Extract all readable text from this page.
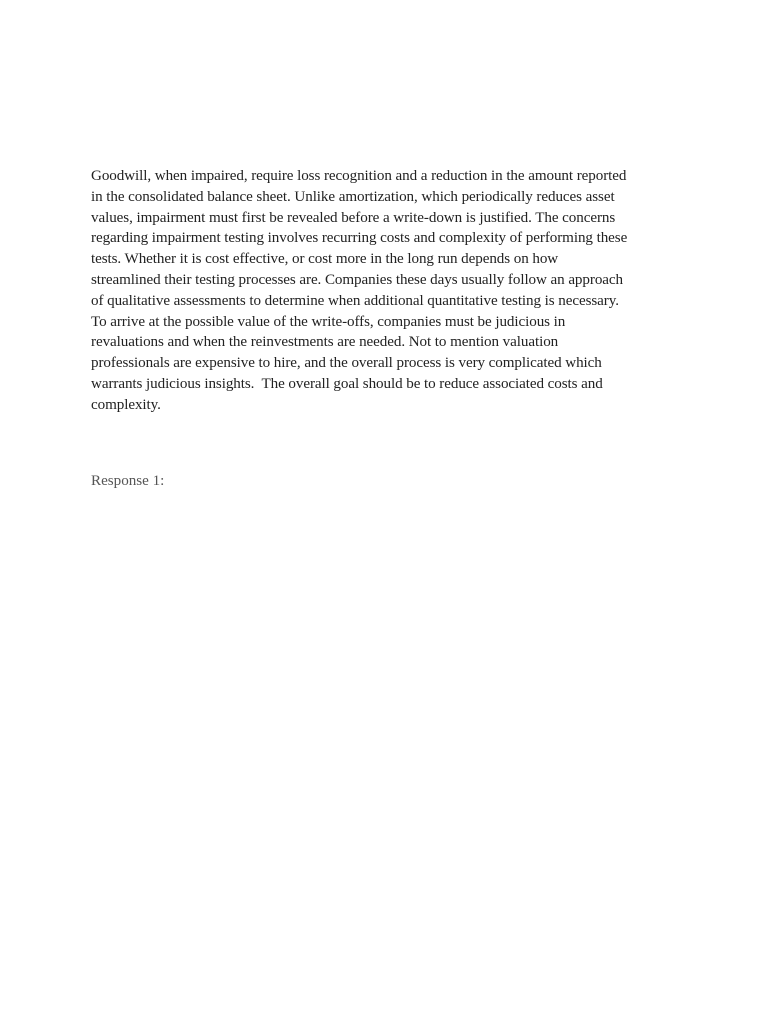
Goodwill, when impaired, require loss recognition and a reduction in the amount reported
in the consolidated balance sheet. Unlike amortization, which periodically reduces asset
values, impairment must first be revealed before a write-down is justified. The concerns
regarding impairment testing involves recurring costs and complexity of performing these
tests. Whether it is cost effective, or cost more in the long run depends on how
streamlined their testing processes are. Companies these days usually follow an approach
of qualitative assessments to determine when additional quantitative testing is necessary.
To arrive at the possible value of the write-offs, companies must be judicious in
revaluations and when the reinvestments are needed. Not to mention valuation
professionals are expensive to hire, and the overall process is very complicated which
warrants judicious insights.  The overall goal should be to reduce associated costs and
complexity.

Response 1:
